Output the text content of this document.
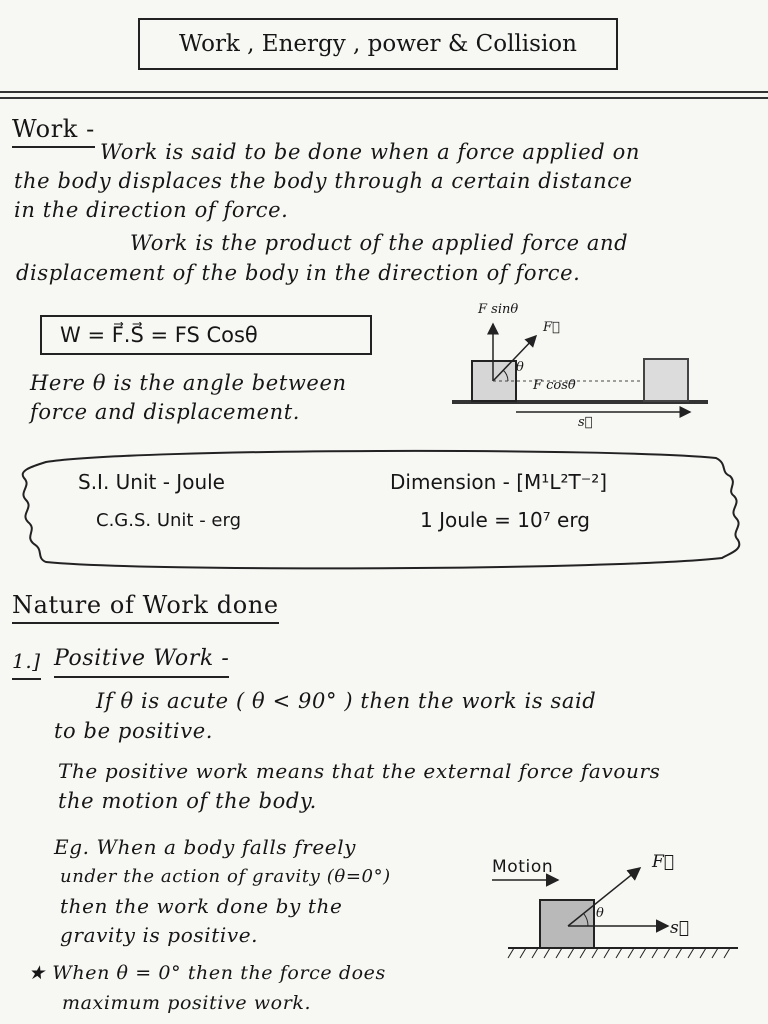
Work , Energy , power & Collision
Work -
Work is said to be done when a force applied on
the body displaces the body through a certain distance
in the direction of force.
Work is the product of the applied force and
displacement of the body in the direction of force.
W = F⃗.S⃗ = FS Cosθ
Here θ is the angle between
force and displacement.
F sinθ
F⃗
θ
F cosθ
s⃗
S.I. Unit - Joule
C.G.S. Unit - erg
Dimension - [M¹L²T⁻²]
1 Joule = 10⁷ erg
Nature of Work done
1.] Positive Work -
If θ is acute ( θ < 90° ) then the work is said
to be positive.
The positive work means that the external force favours
the motion of the body.
Eg. When a body falls freely
under the action of gravity (θ=0°)
then the work done by the
gravity is positive.
★ When θ = 0° then the force does
maximum positive work.
Motion	F⃗
θ
s⃗
